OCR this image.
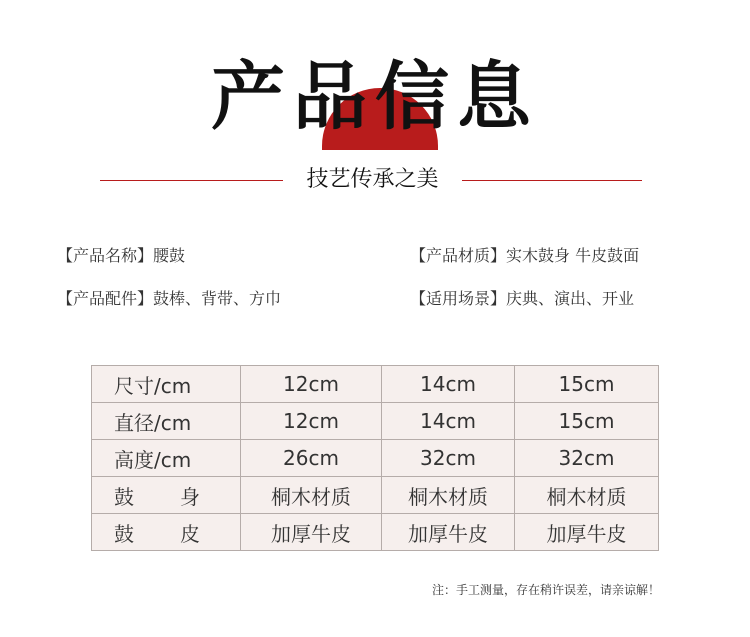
产品信息
技艺传承之美
【产品名称】腰鼓	【产品材质】实木鼓身 牛皮鼓面
【产品配件】鼓棒、背带、方巾	【适用场景】庆典、演出、开业
尺寸/cm	12cm	14cm	15cm
直径/cm	12cm	14cm	15cm
高度/cm	26cm	32cm	32cm

鼓 身	桐木材质	桐木材质	桐木材质

鼓 皮	加厚牛皮	加厚牛皮	加厚牛皮
注：手工测量，存在稍许误差，请亲谅解！
